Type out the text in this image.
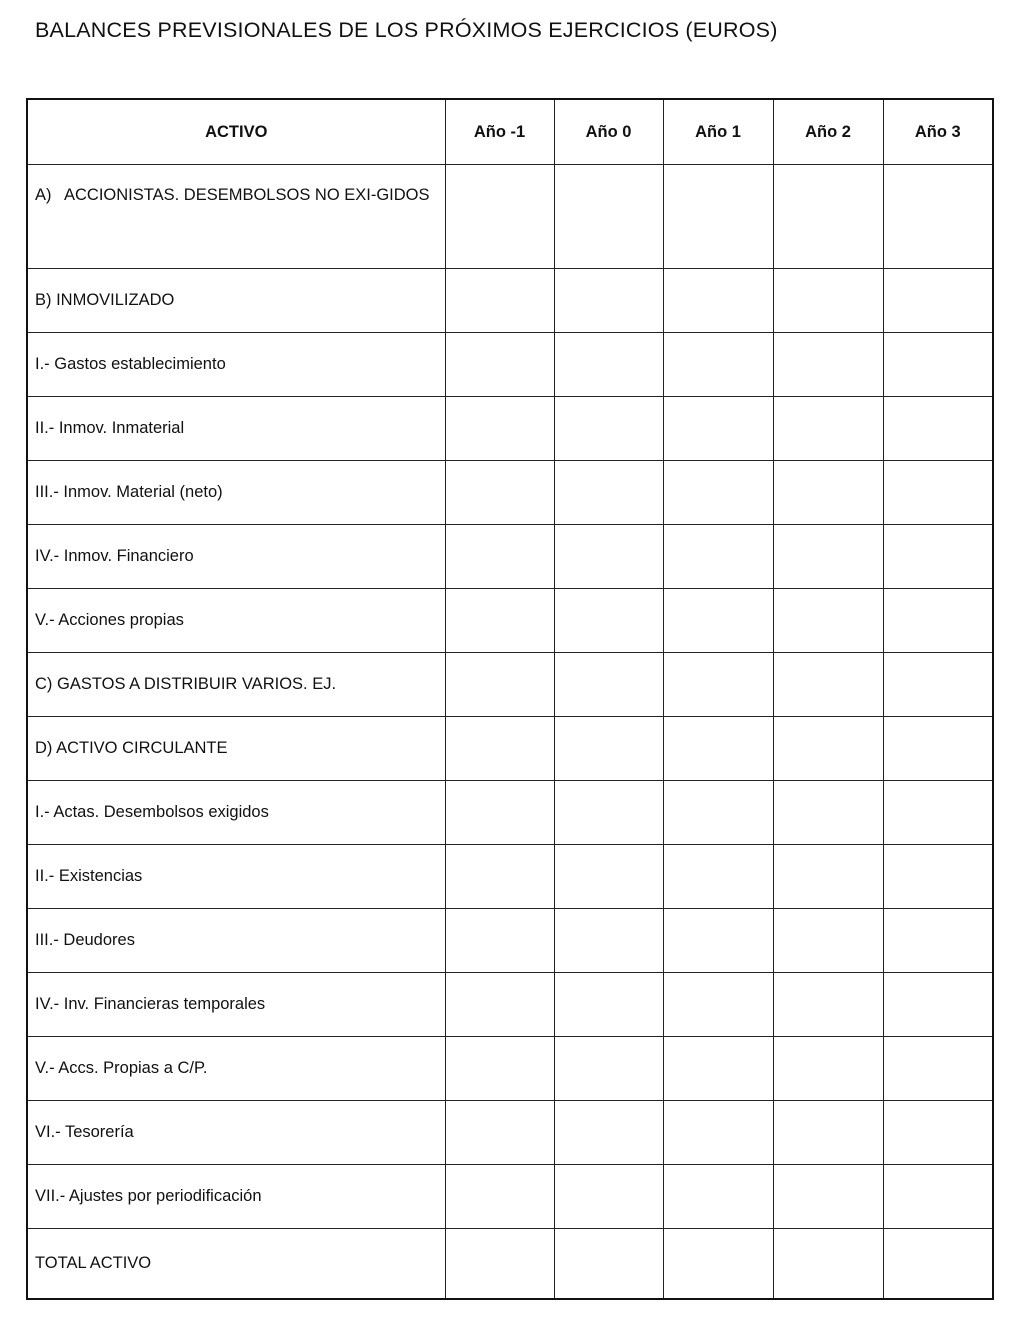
BALANCES PREVISIONALES DE LOS PRÓXIMOS EJERCICIOS (EUROS)
ACTIVO	Año -1	Año 0	Año 1	Año 2	Año 3
A) ACCIONISTAS. DESEMBOLSOS NO EXI-GIDOS					
B) INMOVILIZADO					
I.- Gastos establecimiento					
II.- Inmov. Inmaterial					
III.- Inmov. Material (neto)					
IV.- Inmov. Financiero					
V.- Acciones propias					
C) GASTOS A DISTRIBUIR VARIOS. EJ.					
D) ACTIVO CIRCULANTE					
I.- Actas. Desembolsos exigidos					
II.- Existencias					
III.- Deudores					
IV.- Inv. Financieras temporales					
V.- Accs. Propias a C/P.					
VI.- Tesorería					
VII.- Ajustes por periodificación					
TOTAL ACTIVO					
